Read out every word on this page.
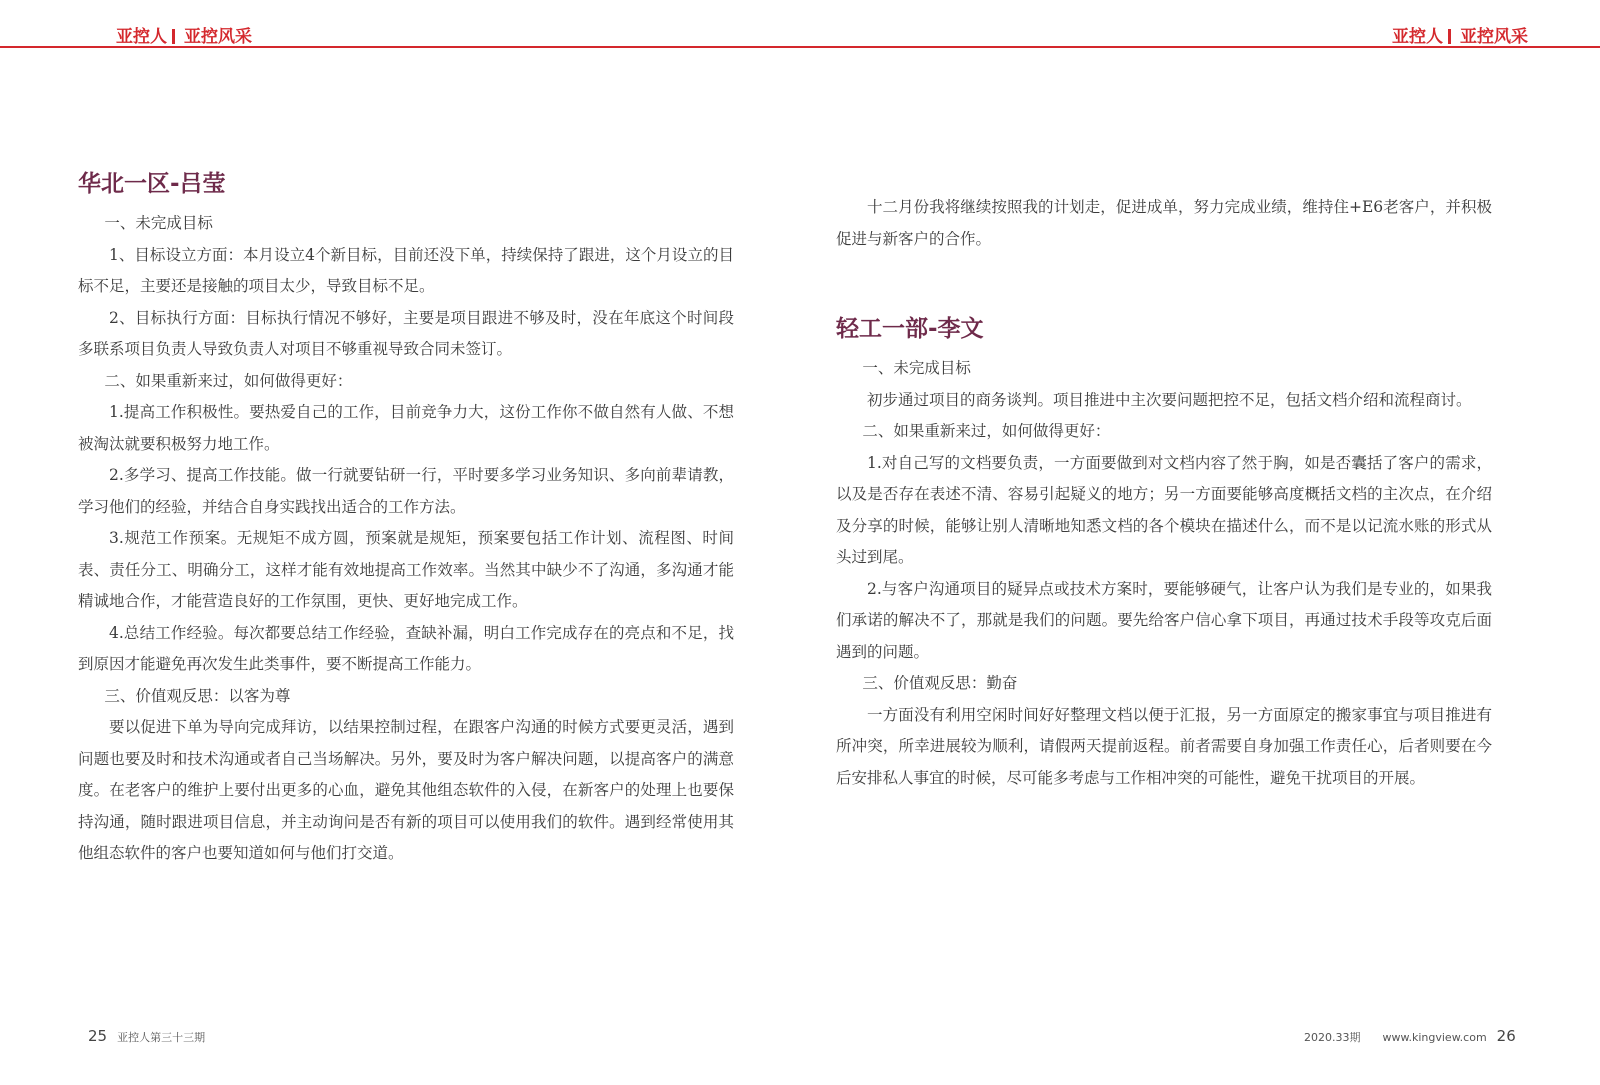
亚控人 亚控风采	亚控人 亚控风采
华北一区-吕莹

一、未完成目标

1、目标设立方面：本月设立4个新目标，目前还没下单，持续保持了跟进，这个月设立的目标不足，主要还是接触的项目太少，导致目标不足。

2、目标执行方面：目标执行情况不够好，主要是项目跟进不够及时，没在年底这个时间段多联系项目负责人导致负责人对项目不够重视导致合同未签订。

二、如果重新来过，如何做得更好：

1.提高工作积极性。要热爱自己的工作，目前竞争力大，这份工作你不做自然有人做、不想被淘汰就要积极努力地工作。

2.多学习、提高工作技能。做一行就要钻研一行，平时要多学习业务知识、多向前辈请教，学习他们的经验，并结合自身实践找出适合的工作方法。

3.规范工作预案。无规矩不成方圆，预案就是规矩，预案要包括工作计划、流程图、时间表、责任分工、明确分工，这样才能有效地提高工作效率。当然其中缺少不了沟通，多沟通才能精诚地合作，才能营造良好的工作氛围，更快、更好地完成工作。

4.总结工作经验。每次都要总结工作经验，查缺补漏，明白工作完成存在的亮点和不足，找到原因才能避免再次发生此类事件，要不断提高工作能力。

三、价值观反思：以客为尊

要以促进下单为导向完成拜访，以结果控制过程，在跟客户沟通的时候方式要更灵活，遇到问题也要及时和技术沟通或者自己当场解决。另外，要及时为客户解决问题，以提高客户的满意度。在老客户的维护上要付出更多的心血，避免其他组态软件的入侵，在新客户的处理上也要保持沟通，随时跟进项目信息，并主动询问是否有新的项目可以使用我们的软件。遇到经常使用其他组态软件的客户也要知道如何与他们打交道。

十二月份我将继续按照我的计划走，促进成单，努力完成业绩，维持住+E6老客户，并积极促进与新客户的合作。

轻工一部-李文

一、未完成目标

初步通过项目的商务谈判。项目推进中主次要问题把控不足，包括文档介绍和流程商讨。

二、如果重新来过，如何做得更好：

1.对自己写的文档要负责，一方面要做到对文档内容了然于胸，如是否囊括了客户的需求，以及是否存在表述不清、容易引起疑义的地方；另一方面要能够高度概括文档的主次点，在介绍及分享的时候，能够让别人清晰地知悉文档的各个模块在描述什么，而不是以记流水账的形式从头过到尾。

2.与客户沟通项目的疑异点或技术方案时，要能够硬气，让客户认为我们是专业的，如果我们承诺的解决不了，那就是我们的问题。要先给客户信心拿下项目，再通过技术手段等攻克后面遇到的问题。

三、价值观反思：勤奋

一方面没有利用空闲时间好好整理文档以便于汇报，另一方面原定的搬家事宜与项目推进有所冲突，所幸进展较为顺利，请假两天提前返程。前者需要自身加强工作责任心，后者则要在今后安排私人事宜的时候，尽可能多考虑与工作相冲突的可能性，避免干扰项目的开展。

25 亚控人第三十三期	2020.33期 www.kingview.com 26
